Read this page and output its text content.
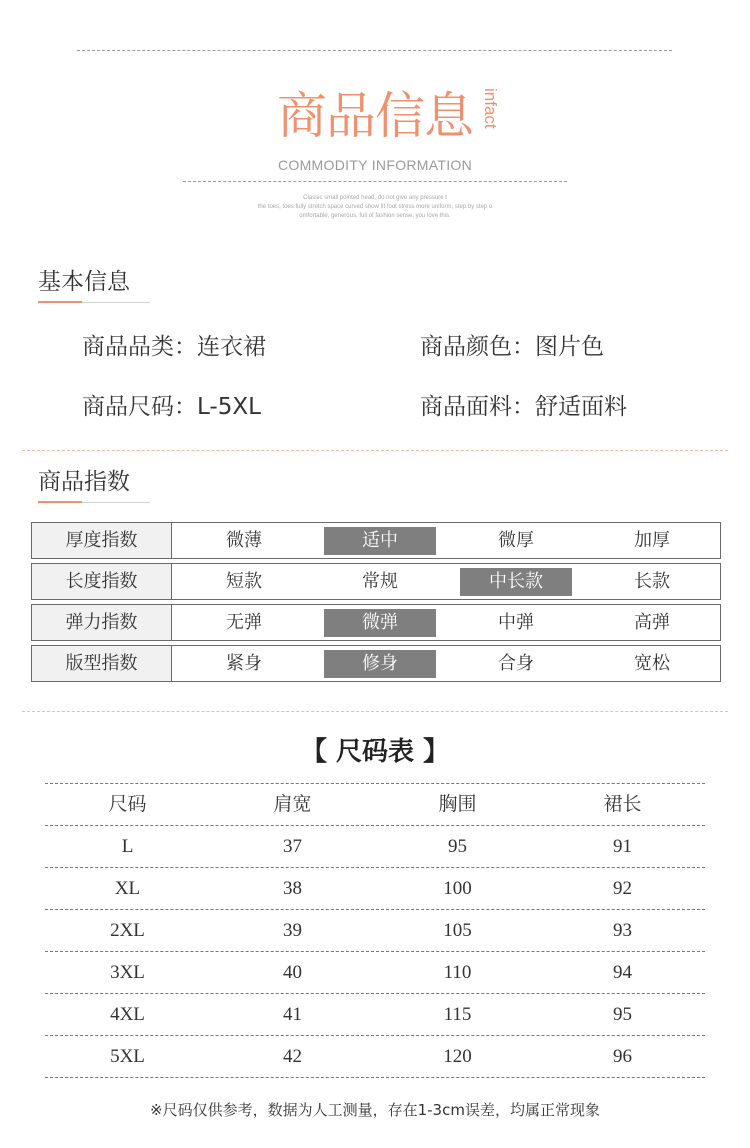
商品信息 infact
COMMODITY INFORMATION
Classic small pointed head, do not give any pressure t
the toes, toes fully stretch space curved show fit foot stress more uniform, step by step o
omfortable, generous, full of fashion sense, you love this.
基本信息
商品品类：连衣裙	商品颜色：图片色
商品尺码：L-5XL	商品面料：舒适面料
商品指数
厚度指数	微薄	适中	微厚	加厚
长度指数	短款	常规	中长款	长款
弹力指数	无弹	微弹	中弹	高弹
版型指数	紧身	修身	合身	宽松
【 尺码表 】
尺码	肩宽	胸围	裙长
L	37	95	91
XL	38	100	92
2XL	39	105	93
3XL	40	110	94
4XL	41	115	95
5XL	42	120	96
※尺码仅供参考，数据为人工测量，存在1-3cm误差，均属正常现象
